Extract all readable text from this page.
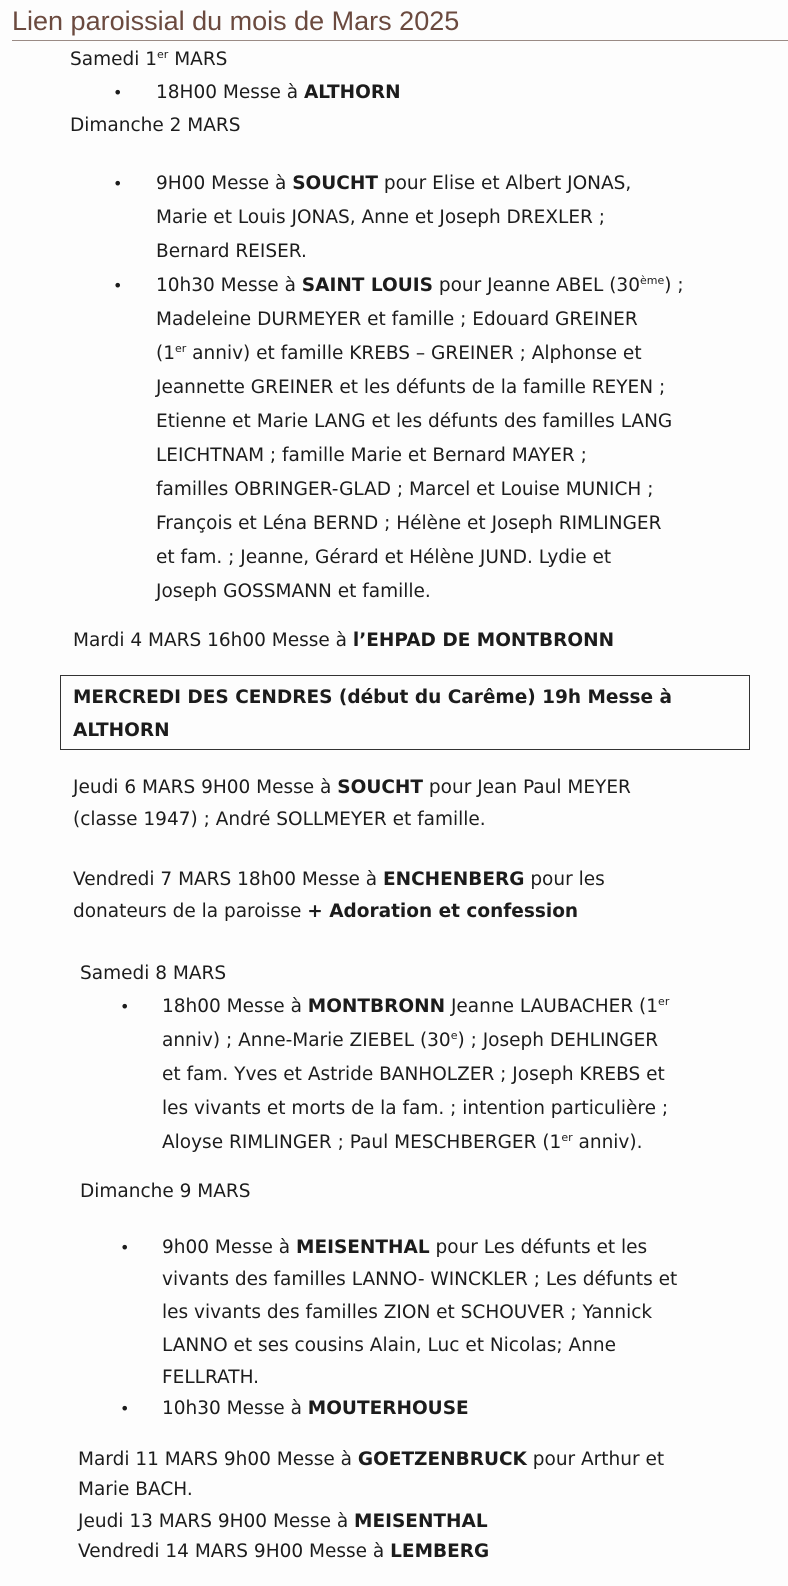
Lien paroissial du mois de Mars 2025
Samedi 1er MARS
• 18H00 Messe à ALTHORN
Dimanche 2 MARS
• 9H00 Messe à SOUCHT pour Elise et Albert JONAS,
Marie et Louis JONAS, Anne et Joseph DREXLER ;
Bernard REISER.
• 10h30 Messe à SAINT LOUIS pour Jeanne ABEL (30ème) ;
Madeleine DURMEYER et famille ; Edouard GREINER
(1er anniv) et famille KREBS – GREINER ; Alphonse et
Jeannette GREINER et les défunts de la famille REYEN ;
Etienne et Marie LANG et les défunts des familles LANG
LEICHTNAM ; famille Marie et Bernard MAYER ;
familles OBRINGER-GLAD ; Marcel et Louise MUNICH ;
François et Léna BERND ; Hélène et Joseph RIMLINGER
et fam. ; Jeanne, Gérard et Hélène JUND. Lydie et
Joseph GOSSMANN et famille.
Mardi 4 MARS 16h00 Messe à l’EHPAD DE MONTBRONN
MERCREDI DES CENDRES (début du Carême) 19h Messe à
ALTHORN
Jeudi 6 MARS 9H00 Messe à SOUCHT pour Jean Paul MEYER
(classe 1947) ; André SOLLMEYER et famille.
Vendredi 7 MARS 18h00 Messe à ENCHENBERG pour les
donateurs de la paroisse + Adoration et confession
Samedi 8 MARS
• 18h00 Messe à MONTBRONN Jeanne LAUBACHER (1er
anniv) ; Anne-Marie ZIEBEL (30e) ; Joseph DEHLINGER
et fam. Yves et Astride BANHOLZER ; Joseph KREBS et
les vivants et morts de la fam. ; intention particulière ;
Aloyse RIMLINGER ; Paul MESCHBERGER (1er anniv).
Dimanche 9 MARS
• 9h00 Messe à MEISENTHAL pour Les défunts et les
vivants des familles LANNO- WINCKLER ; Les défunts et
les vivants des familles ZION et SCHOUVER ; Yannick
LANNO et ses cousins Alain, Luc et Nicolas; Anne
FELLRATH.
• 10h30 Messe à MOUTERHOUSE
Mardi 11 MARS 9h00 Messe à GOETZENBRUCK pour Arthur et
Marie BACH.
Jeudi 13 MARS 9H00 Messe à MEISENTHAL
Vendredi 14 MARS 9H00 Messe à LEMBERG
